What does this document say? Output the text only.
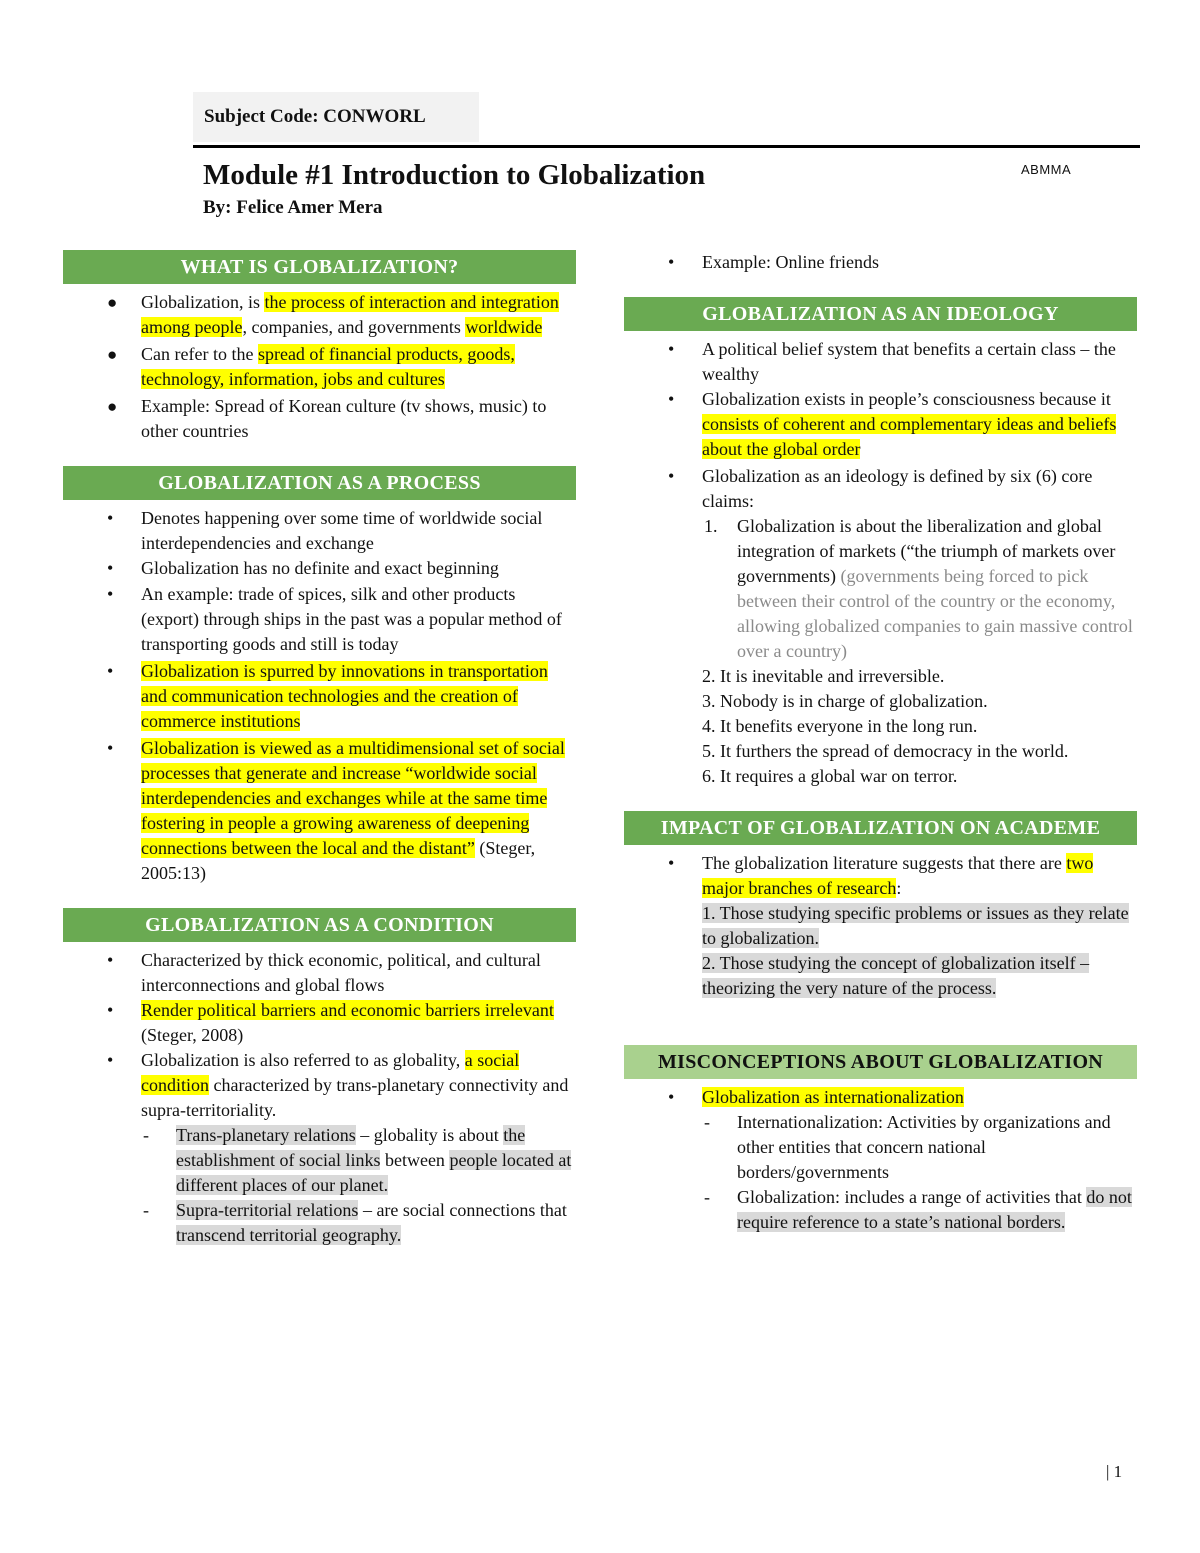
Subject Code: CONWORL
Module #1 Introduction to Globalization
By: Felice Amer Mera
ABMMA
WHAT IS GLOBALIZATION?
● Globalization, is the process of interaction and integration among people, companies, and governments worldwide
● Can refer to the spread of financial products, goods, technology, information, jobs and cultures
● Example: Spread of Korean culture (tv shows, music) to other countries
GLOBALIZATION AS A PROCESS
• Denotes happening over some time of worldwide social interdependencies and exchange
• Globalization has no definite and exact beginning
• An example: trade of spices, silk and other products (export) through ships in the past was a popular method of transporting goods and still is today
• Globalization is spurred by innovations in transportation and communication technologies and the creation of commerce institutions
• Globalization is viewed as a multidimensional set of social processes that generate and increase “worldwide social interdependencies and exchanges while at the same time fostering in people a growing awareness of deepening connections between the local and the distant” (Steger, 2005:13)
GLOBALIZATION AS A CONDITION
• Characterized by thick economic, political, and cultural interconnections and global flows
• Render political barriers and economic barriers irrelevant (Steger, 2008)
• Globalization is also referred to as globality, a social condition characterized by trans-planetary connectivity and
supra-territoriality.
- Trans-planetary relations – globality is about the establishment of social links between people located at different places of our planet.
- Supra-territorial relations – are social connections that transcend territorial geography.
• Example: Online friends
GLOBALIZATION AS AN IDEOLOGY
• A political belief system that benefits a certain class – the wealthy
• Globalization exists in people’s consciousness because it consists of coherent and complementary ideas and beliefs about the global order
• Globalization as an ideology is defined by six (6) core claims:
1. Globalization is about the liberalization and global integration of markets (“the triumph of markets over governments) (governments being forced to pick between their control of the country or the economy, allowing globalized companies to gain massive control over a country)
2. It is inevitable and irreversible.
3. Nobody is in charge of globalization.
4. It benefits everyone in the long run.
5. It furthers the spread of democracy in the world.
6. It requires a global war on terror.
IMPACT OF GLOBALIZATION ON ACADEME
• The globalization literature suggests that there are two major branches of research:
1. Those studying specific problems or issues as they relate to globalization.
2. Those studying the concept of globalization itself – theorizing the very nature of the process.
MISCONCEPTIONS ABOUT GLOBALIZATION
• Globalization as internationalization
- Internationalization: Activities by organizations and other entities that concern national borders/governments
- Globalization: includes a range of activities that do not require reference to a state’s national borders.
| 1
